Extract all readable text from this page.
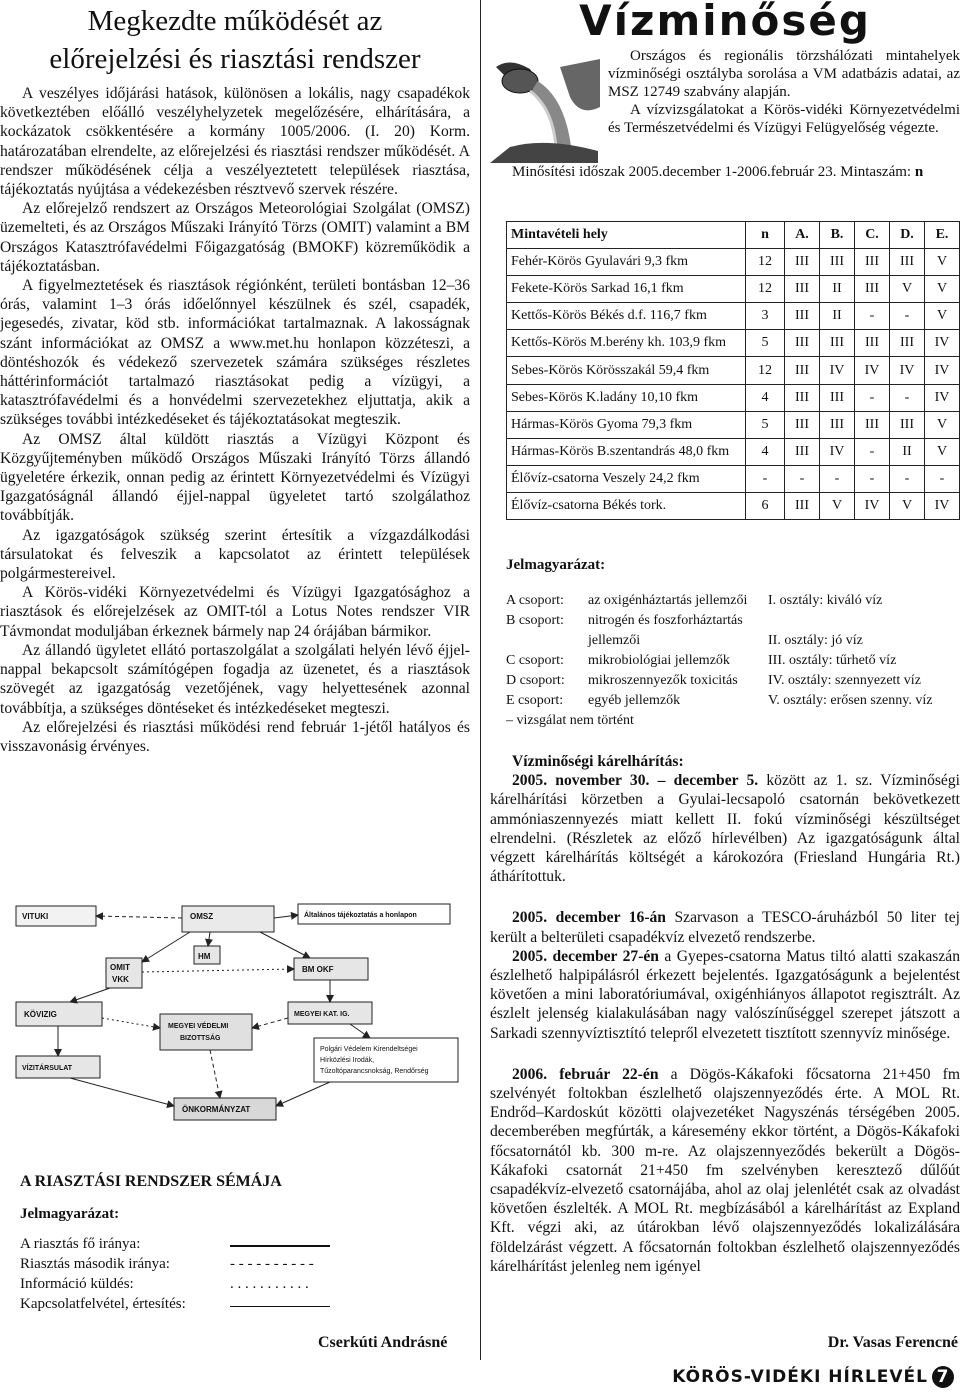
Megkezdte működését az
előrejelzési és riasztási rendszer

A veszélyes időjárási hatások, különösen a lokális, nagy csapadékok következtében előálló veszélyhelyzetek megelőzésére, elhárítására, a kockázatok csökkentésére a kormány 1005/2006. (I. 20) Korm. határozatában elrendelte, az előrejelzési és riasztási rendszer működését. A rendszer működésének célja a veszélyeztetett települések riasztása, tájékoztatás nyújtása a védekezésben résztvevő szervek részére.

Az előrejelző rendszert az Országos Meteorológiai Szolgálat (OMSZ) üzemelteti, és az Országos Műszaki Irányító Törzs (OMIT) valamint a BM Országos Katasztrófavédelmi Főigazgatóság (BMOKF) közreműködik a tájékoztatásban.

A figyelmeztetések és riasztások régiónként, területi bontásban 12–36 órás, valamint 1–3 órás időelőnnyel készülnek és szél, csapadék, jegesedés, zivatar, köd stb. információkat tartalmaznak. A lakosságnak szánt információkat az OMSZ a www.met.hu honlapon közzéteszi, a döntéshozók és védekező szervezetek számára szükséges részletes háttérinformációt tartalmazó riasztásokat pedig a vízügyi, a katasztrófavédelmi és a honvédelmi szervezetekhez eljuttatja, akik a szükséges további intézkedéseket és tájékoztatásokat megteszik.

Az OMSZ által küldött riasztás a Vízügyi Központ és Közgyűjteményben működő Országos Műszaki Irányító Törzs állandó ügyeletére érkezik, onnan pedig az érintett Környezetvédelmi és Vízügyi Igazgatóságnál állandó éjjel-nappal ügyeletet tartó szolgálathoz továbbítják.

Az igazgatóságok szükség szerint értesítik a vízgazdálkodási társulatokat és felveszik a kapcsolatot az érintett települések polgármestereivel.

A Körös-vidéki Környezetvédelmi és Vízügyi Igazgatósághoz a riasztások és előrejelzések az OMIT-tól a Lotus Notes rendszer VIR Távmondat moduljában érkeznek bármely nap 24 órájában bármikor.

Az állandó ügyletet ellátó portaszolgálat a szolgálati helyén lévő éjjel-nappal bekapcsolt számítógépen fogadja az üzenetet, és a riasztások szövegét az igazgatóság vezetőjének, vagy helyettesének azonnal továbbítja, a szükséges döntéseket és intézkedéseket megteszi.

Az előrejelzési és riasztási működési rend február 1-jétől hatályos és visszavonásig érvényes.

VITUKI	OMSZ	Általános tájékoztatás a honlapon
HM
OMIT
VKK
BM OKF
KÖVIZIG
MEGYEI VÉDELMI
BIZOTTSÁG
MEGYEI KAT. IG.
Polgári Védelem Kirendeltségei
Hírközlési Irodák,
Tűzoltóparancsnokság, Rendőrség
VÍZITÁRSULAT
ÖNKORMÁNYZAT
A RIASZTÁSI RENDSZER SÉMÁJA
Jelmagyarázat:
A riasztás fő iránya:
Riasztás második iránya:	- - - - - - - - - -
Információ küldés:	. . . . . . . . . . .
Kapcsolatfelvétel, értesítés:
Cserkúti Andrásné
Vízminőség

Országos és regionális törzshálózati mintahelyek vízminőségi osztályba sorolása a VM adatbázis adatai, az MSZ 12749 szabvány alapján.

A vízvizsgálatokat a Körös-vidéki Környezetvédelmi és Természetvédelmi és Vízügyi Felügyelőség végezte.

Minősítési időszak 2005.december 1-2006.február 23. Mintaszám: n

Mintavételi hely	n	A.	B.	C.	D.	E.
Fehér-Körös Gyulavári 9,3 fkm	12	III	III	III	III	V
Fekete-Körös Sarkad 16,1 fkm	12	III	II	III	V	V
Kettős-Körös Békés d.f. 116,7 fkm	3	III	II	-	-	V
Kettős-Körös M.berény kh. 103,9 fkm	5	III	III	III	III	IV
Sebes-Körös Körösszakál 59,4 fkm	12	III	IV	IV	IV	IV
Sebes-Körös K.ladány 10,10 fkm	4	III	III	-	-	IV
Hármas-Körös Gyoma 79,3 fkm	5	III	III	III	III	V
Hármas-Körös B.szentandrás 48,0 fkm	4	III	IV	-	II	V
Élővíz-csatorna Veszely 24,2 fkm	-	-	-	-	-	-
Élővíz-csatorna Békés tork.	6	III	V	IV	V	IV
Jelmagyarázat:
A csoport:	az oxigénháztartás jellemzői	I. osztály: kiváló víz
B csoport:	nitrogén és foszforháztartás
jellemzői	II. osztály: jó víz
C csoport:	mikrobiológiai jellemzők	III. osztály: tűrhető víz
D csoport:	mikroszennyezők toxicitás	IV. osztály: szennyezett víz
E csoport:	egyéb jellemzők	V. osztály: erősen szenny. víz
– vizsgálat nem történt

Vízminőségi kárelhárítás:

2005. november 30. – december 5. között az 1. sz. Vízminőségi kárelhárítási körzetben a Gyulai-lecsapoló csatornán bekövetkezett ammóniaszennyezés miatt kellett II. fokú vízminőségi készültséget elrendelni. (Részletek az előző hírlevélben) Az igazgatóságunk által végzett kárelhárítás költségét a károkozóra (Friesland Hungária Rt.) áthárítottuk.

2005. december 16-án Szarvason a TESCO-áruházból 50 liter tej került a belterületi csapadékvíz elvezető rendszerbe.

2005. december 27-én a Gyepes-csatorna Matus tiltó alatti szakaszán észlelhető halpipálásról érkezett bejelentés. Igazgatóságunk a bejelentést követően a mini laboratóriumával, oxigénhiányos állapotot regisztrált. Az észlelt jelenség kialakulásában nagy valószínűséggel szerepet játszott a Sarkadi szennyvíztisztító telepről elvezetett tisztított szennyvíz minősége.

2006. február 22-én a Dögös-Kákafoki főcsatorna 21+450 fm szelvényét foltokban észlelhető olajszennyeződés érte. A MOL Rt. Endrőd–Kardoskút közötti olajvezetéket Nagyszénás térségében 2005. decemberében megfúrták, a káresemény ekkor történt, a Dögös-Kákafoki főcsatornától kb. 300 m-re. Az olajszennyeződés bekerült a Dögös-Kákafoki csatornát 21+450 fm szelvényben keresztező dűlőút csapadékvíz-elvezető csatornájába, ahol az olaj jelenlétét csak az olvadást követően észlelték. A MOL Rt. megbízásából a kárelhárítást az Expland Kft. végzi aki, az útárokban lévő olajszennyeződés lokalizálására földelzárást végzett. A főcsatornán foltokban észlelhető olajszennyeződés kárelhárítást jelenleg nem igényel

Dr. Vasas Ferencné
KÖRÖS-VIDÉKI HÍRLEVÉL 7
